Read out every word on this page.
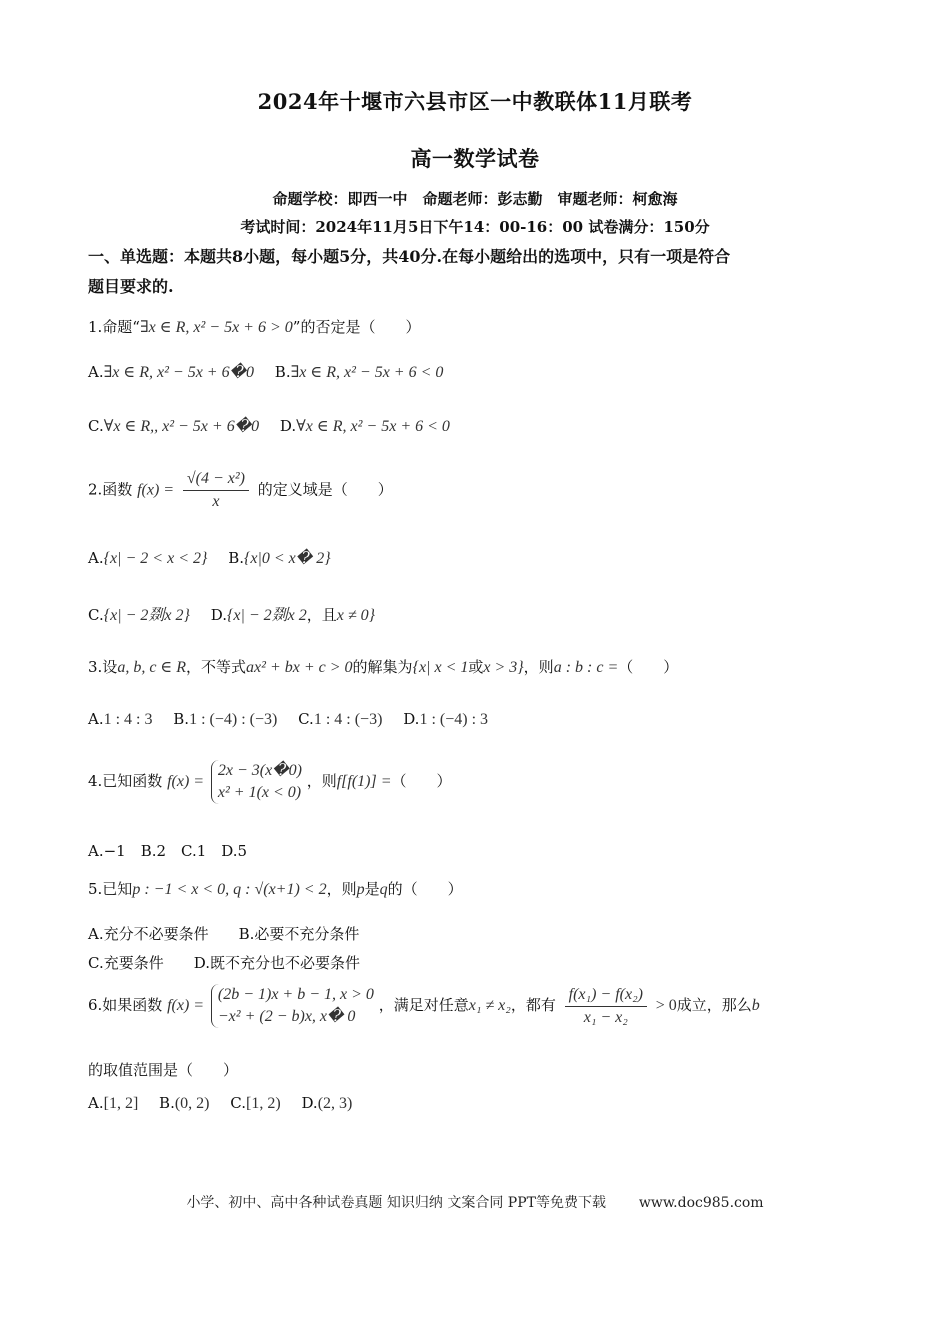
2024年十堰市六县市区一中教联体11月联考
高一数学试卷
命题学校：即西一中　命题老师：彭志勤　审题老师：柯愈海
考试时间：2024年11月5日下午14：00-16：00 试卷满分：150分
一、单选题：本题共8小题，每小题5分，共40分.在每小题给出的选项中，只有一项是符合
题目要求的.
1.命题“∃x ∈ R, x² − 5x + 6 > 0”的否定是（　　）
A.∃x ∈ R, x² − 5x + 6�0 B.∃x ∈ R, x² − 5x + 6 < 0
C.∀x ∈ R,, x² − 5x + 6�0 D.∀x ∈ R, x² − 5x + 6 < 0
2.函数 $f(x) = \frac{\text{√(4 − x²)}}{x}$ 的定义域是（　　）
A.{x| − 2 < x < 2} B.{x|0 < x� 2}
C.{x| − 2剟x 2} D.{x| − 2剟x 2，且x ≠ 0}
3.设a, b, c ∈ R，不等式ax² + bx + c > 0的解集为{x| x < 1或x > 3}，则a : b : c =（　　）
A.1 : 4 : 3 B.1 : (−4) : (−3) C.1 : 4 : (−3) D.1 : (−4) : 3
4.已知函数 f(x) =
2x − 3(x�0)
x² + 1(x < 0)
，则f[f(1)] =（　　）
A.−1　B.2　C.1　D.5
5.已知p : −1 < x < 0, q : √(x+1) < 2，则p是q的（　　）
A.充分不必要条件　　B.必要不充分条件
C.充要条件　　D.既不充分也不必要条件
6.如果函数 f(x) =
(2b − 1)x + b − 1, x > 0
−x² + (2 − b)x, x� 0
，满足对任意x₁ ≠ x₂，都有 $\frac{\text{f(x₁) − f(x₂)}}{\text{x₁ − x₂}} > 0$成立，那么b
的取值范围是（　　）
A.[1, 2] B.(0, 2) C.[1, 2) D.(2, 3)
小学、初中、高中各种试卷真题 知识归纳 文案合同 PPT等免费下载 www.doc985.com
